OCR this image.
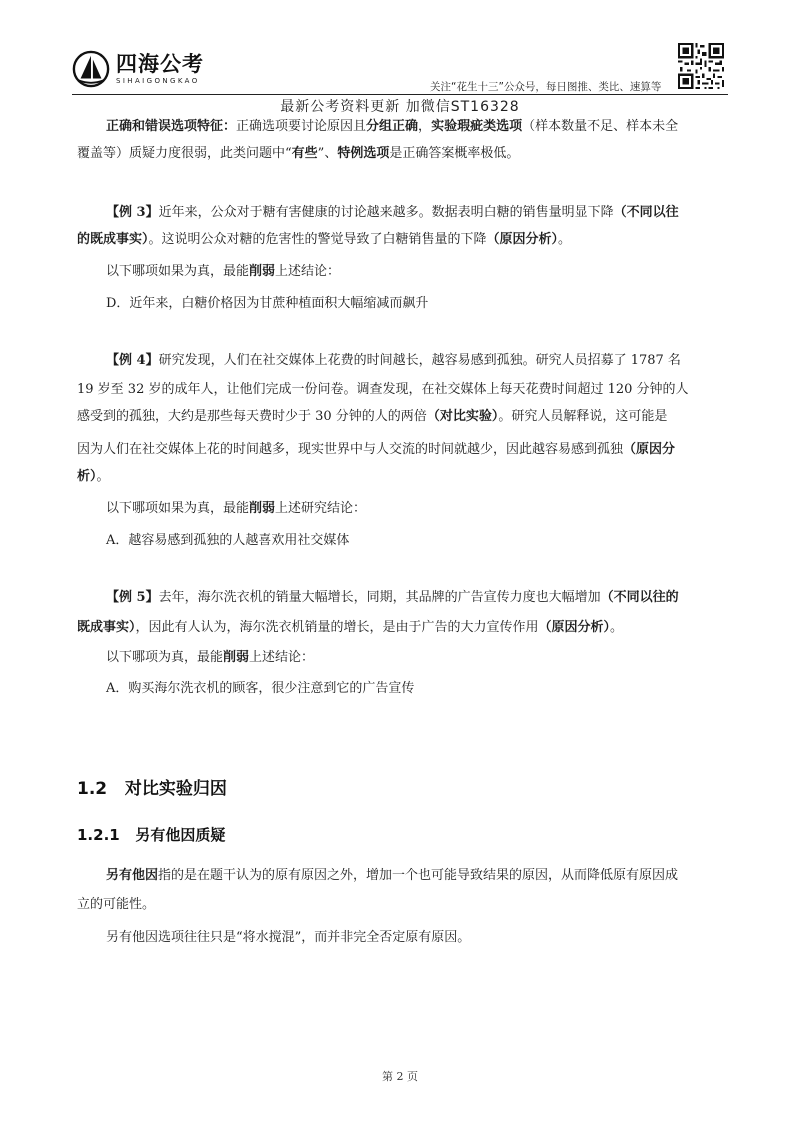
四海公考
SIHAIGONGKAO
关注“花生十三”公众号，每日图推、类比、速算等
最新公考资料更新 加微信ST16328

正确和错误选项特征：正确选项要讨论原因且分组正确，实验瑕疵类选项（样本数量不足、样本未全

覆盖等）质疑力度很弱，此类问题中“有些”、特例选项是正确答案概率极低。

【例 3】近年来，公众对于糖有害健康的讨论越来越多。数据表明白糖的销售量明显下降（不同以往

的既成事实）。这说明公众对糖的危害性的警觉导致了白糖销售量的下降（原因分析）。

以下哪项如果为真，最能削弱上述结论：

D．近年来，白糖价格因为甘蔗种植面积大幅缩减而飙升

【例 4】研究发现，人们在社交媒体上花费的时间越长，越容易感到孤独。研究人员招募了 1787 名

19 岁至 32 岁的成年人，让他们完成一份问卷。调查发现，在社交媒体上每天花费时间超过 120 分钟的人

感受到的孤独，大约是那些每天费时少于 30 分钟的人的两倍（对比实验）。研究人员解释说，这可能是

因为人们在社交媒体上花的时间越多，现实世界中与人交流的时间就越少，因此越容易感到孤独（原因分

析）。

以下哪项如果为真，最能削弱上述研究结论：

A．越容易感到孤独的人越喜欢用社交媒体

【例 5】去年，海尔洗衣机的销量大幅增长，同期，其品牌的广告宣传力度也大幅增加（不同以往的

既成事实），因此有人认为，海尔洗衣机销量的增长，是由于广告的大力宣传作用（原因分析）。

以下哪项为真，最能削弱上述结论：

A．购买海尔洗衣机的顾客，很少注意到它的广告宣传

1.2 对比实验归因
1.2.1 另有他因质疑

另有他因指的是在题干认为的原有原因之外，增加一个也可能导致结果的原因，从而降低原有原因成

立的可能性。

另有他因选项往往只是“将水搅混”，而并非完全否定原有原因。

第 2 页
